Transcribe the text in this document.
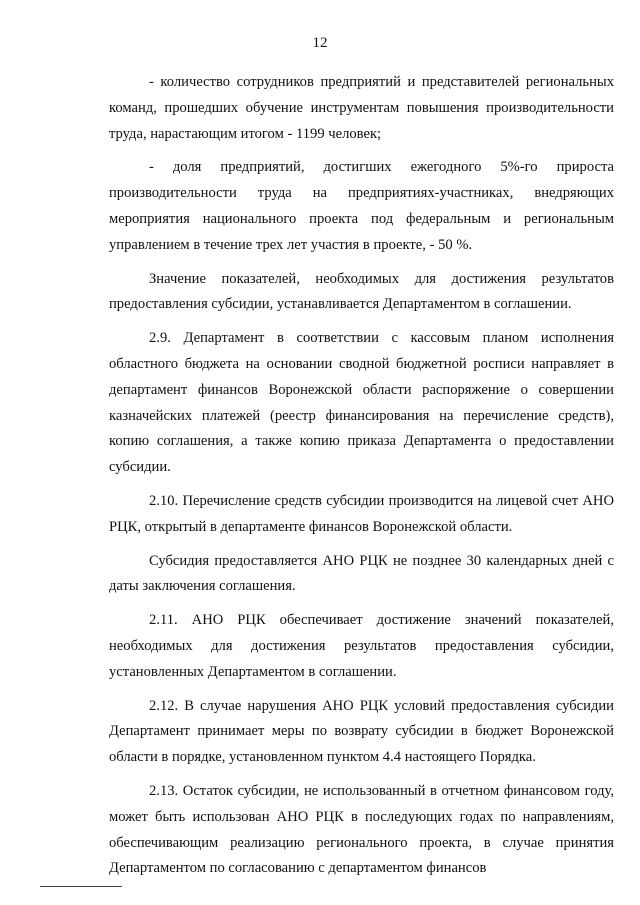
12

- количество сотрудников предприятий и представителей региональных команд, прошедших обучение инструментам повышения производительности труда, нарастающим итогом - 1199 человек;

- доля предприятий, достигших ежегодного 5%-го прироста производительности труда на предприятиях-участниках, внедряющих мероприятия национального проекта под федеральным и региональным управлением в течение трех лет участия в проекте, - 50 %.

Значение показателей, необходимых для достижения результатов предоставления субсидии, устанавливается Департаментом в соглашении.

2.9. Департамент в соответствии с кассовым планом исполнения областного бюджета на основании сводной бюджетной росписи направляет в департамент финансов Воронежской области распоряжение о совершении казначейских платежей (реестр финансирования на перечисление средств), копию соглашения, а также копию приказа Департамента о предоставлении субсидии.

2.10. Перечисление средств субсидии производится на лицевой счет АНО РЦК, открытый в департаменте финансов Воронежской области.

Субсидия предоставляется АНО РЦК не позднее 30 календарных дней с даты заключения соглашения.

2.11. АНО РЦК обеспечивает достижение значений показателей, необходимых для достижения результатов предоставления субсидии, установленных Департаментом в соглашении.

2.12. В случае нарушения АНО РЦК условий предоставления субсидии Департамент принимает меры по возврату субсидии в бюджет Воронежской области в порядке, установленном пунктом 4.4 настоящего Порядка.

2.13. Остаток субсидии, не использованный в отчетном финансовом году, может быть использован АНО РЦК в последующих годах по направлениям, обеспечивающим реализацию регионального проекта, в случае принятия Департаментом по согласованию с департаментом финансов
